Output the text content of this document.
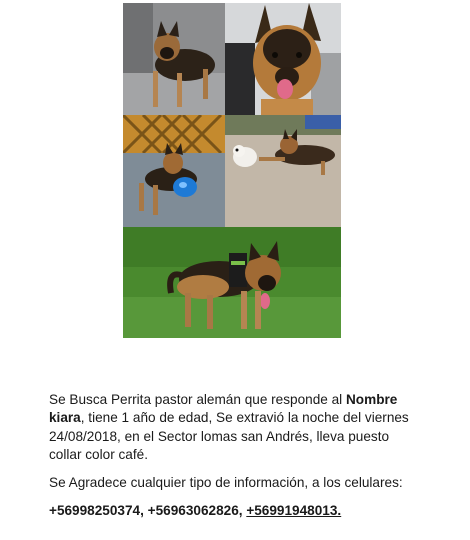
Se Busca Perrita pastor alemán que responde al Nombre kiara, tiene 1 año de edad, Se extravió la noche del viernes 24/08/2018, en el Sector lomas san Andrés, lleva puesto collar color café.

Se Agradece cualquier tipo de información, a los celulares:

+56998250374, +56963062826, +56991948013.
